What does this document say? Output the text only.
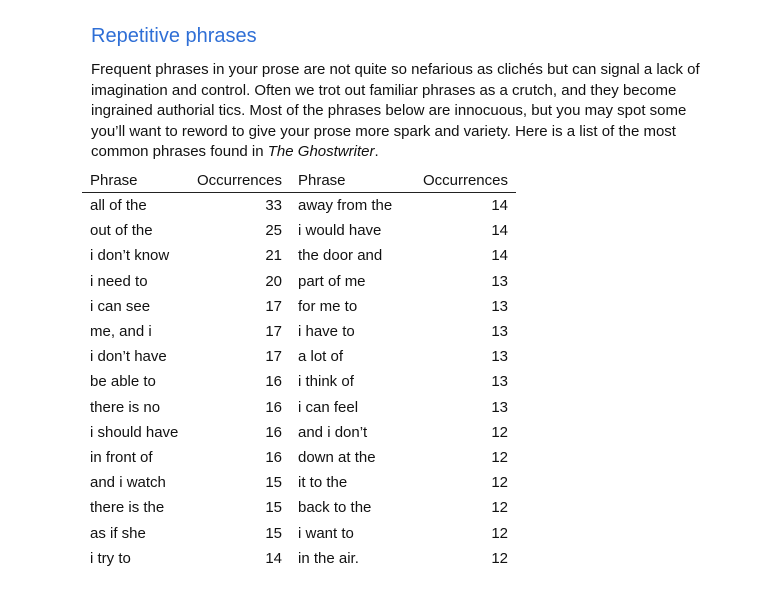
Repetitive phrases

Frequent phrases in your prose are not quite so nefarious as clichés but can signal a lack of imagination and control. Often we trot out familiar phrases as a crutch, and they become ingrained authorial tics. Most of the phrases below are innocuous, but you may spot some you’ll want to reword to give your prose more spark and variety. Here is a list of the most common phrases found in The Ghostwriter.

Phrase	Occurrences	Phrase	Occurrences
all of the	33	away from the	14
out of the	25	i would have	14
i don’t know	21	the door and	14
i need to	20	part of me	13
i can see	17	for me to	13
me, and i	17	i have to	13
i don’t have	17	a lot of	13
be able to	16	i think of	13
there is no	16	i can feel	13
i should have	16	and i don’t	12
in front of	16	down at the	12
and i watch	15	it to the	12
there is the	15	back to the	12
as if she	15	i want to	12
i try to	14	in the air.	12
